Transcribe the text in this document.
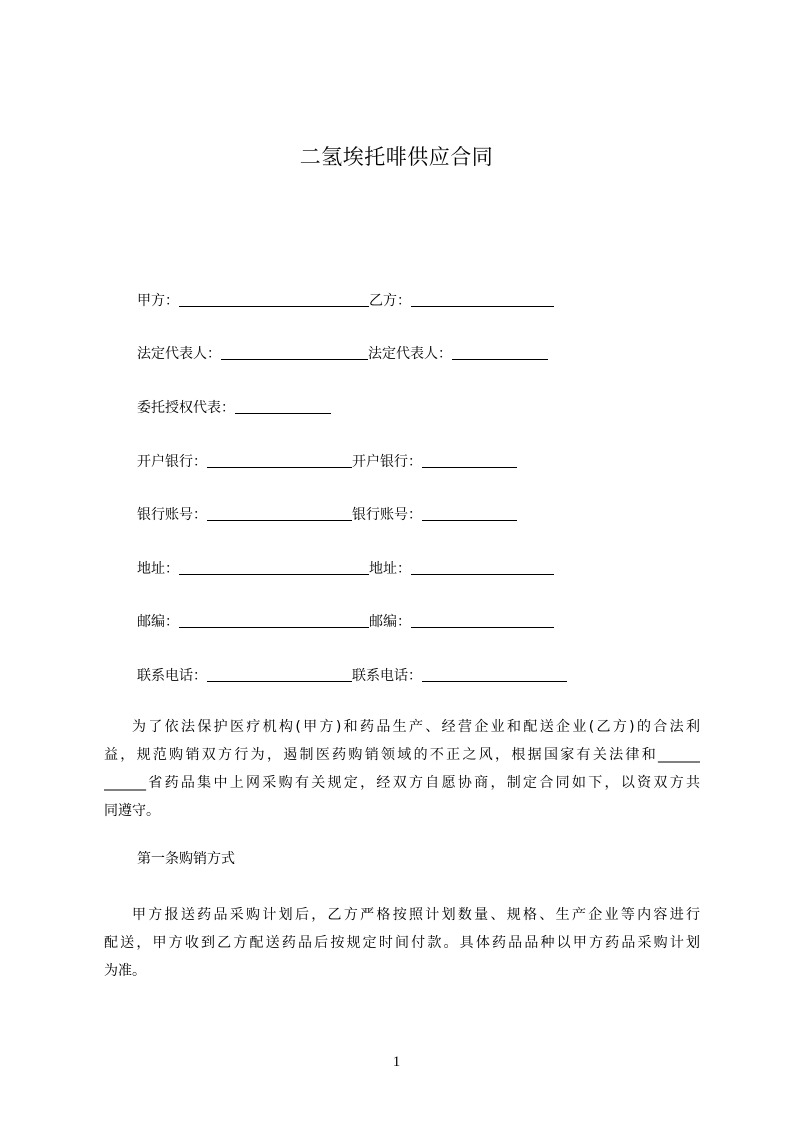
二氢埃托啡供应合同
甲方：	乙方：
法定代表人：	法定代表人：
委托授权代表：
开户银行：	开户银行：
银行账号：	银行账号：
地址：	地址：
邮编：	邮编：
联系电话：	联系电话：
为了依法保护医疗机构(甲方)和药品生产、经营企业和配送企业(乙方)的合法利
益，规范购销双方行为，遏制医药购销领域的不正之风，根据国家有关法律和______
______省药品集中上网采购有关规定，经双方自愿协商，制定合同如下，以资双方共
同遵守。
第一条购销方式
甲方报送药品采购计划后，乙方严格按照计划数量、规格、生产企业等内容进行
配送，甲方收到乙方配送药品后按规定时间付款。具体药品品种以甲方药品采购计划
为准。
1
